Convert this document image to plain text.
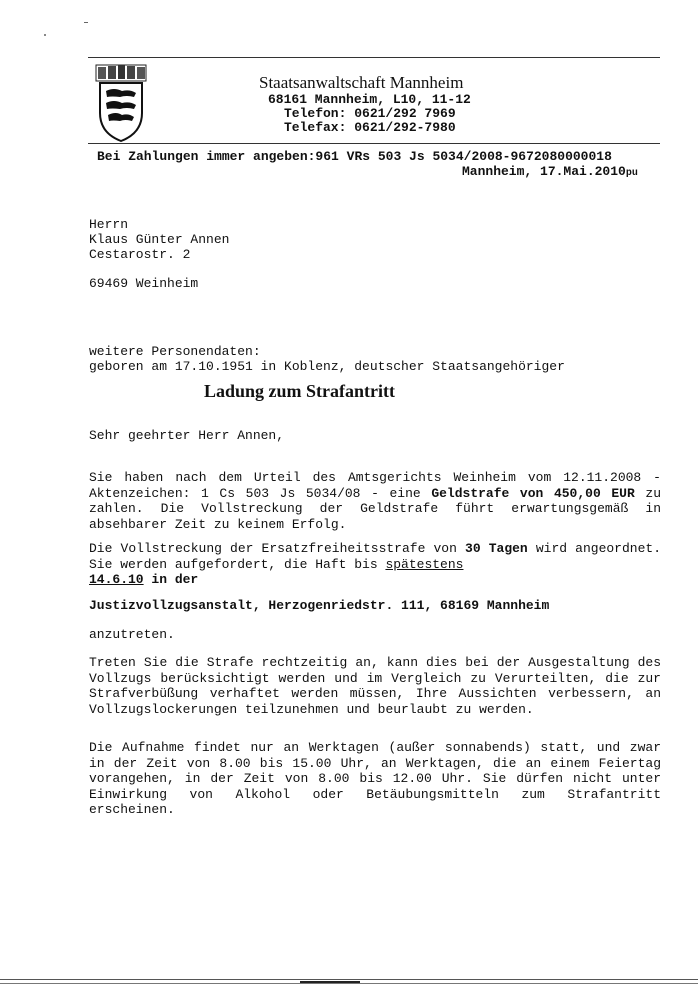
Staatsanwaltschaft Mannheim
68161 Mannheim, L10, 11-12
Telefon: 0621/292 7969
Telefax: 0621/292-7980
Bei Zahlungen immer angeben:961 VRs 503 Js 5034/2008-9672080000018
Mannheim, 17.Mai.2010pu
Herrn
Klaus Günter Annen
Cestarostr. 2
69469 Weinheim
weitere Personendaten:
geboren am 17.10.1951 in Koblenz, deutscher Staatsangehöriger
Ladung zum Strafantritt
Sehr geehrter Herr Annen,
Sie haben nach dem Urteil des Amtsgerichts Weinheim vom 12.11.2008 - Aktenzeichen: 1 Cs 503 Js 5034/08 - eine Geldstrafe von 450,00 EUR zu zahlen. Die Vollstreckung der Geldstrafe führt erwartungsgemäß in absehbarer Zeit zu keinem Erfolg.
Die Vollstreckung der Ersatzfreiheitsstrafe von 30 Tagen wird angeordnet. Sie werden aufgefordert, die Haft bis spätestens
14.6.10 in der
Justizvollzugsanstalt, Herzogenriedstr. 111, 68169 Mannheim
anzutreten.
Treten Sie die Strafe rechtzeitig an, kann dies bei der Ausgestaltung des Vollzugs berücksichtigt werden und im Vergleich zu Verurteilten, die zur Strafverbüßung verhaftet werden müssen, Ihre Aussichten verbessern, an Vollzugslockerungen teilzunehmen und beurlaubt zu werden.
Die Aufnahme findet nur an Werktagen (außer sonnabends) statt, und zwar in der Zeit von 8.00 bis 15.00 Uhr, an Werktagen, die an einem Feiertag vorangehen, in der Zeit von 8.00 bis 12.00 Uhr. Sie dürfen nicht unter Einwirkung von Alkohol oder Betäubungsmitteln zum Strafantritt erscheinen.
